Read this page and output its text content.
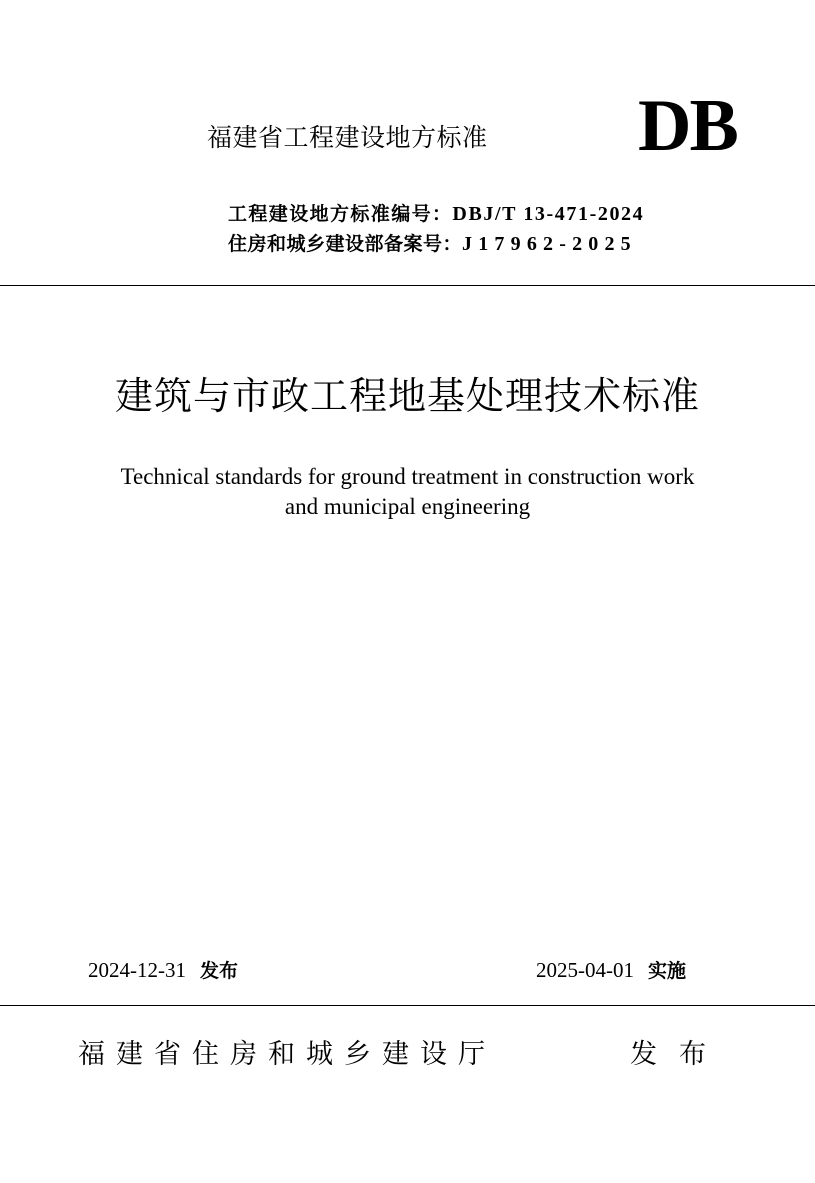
福建省工程建设地方标准 DB
工程建设地方标准编号：DBJ/T 13-471-2024
住房和城乡建设部备案号：J17962-2025
建筑与市政工程地基处理技术标准
Technical standards for ground treatment in construction work
and municipal engineering
2024-12-31 发布	2025-04-01 实施
福建省住房和城乡建设厅	发布
